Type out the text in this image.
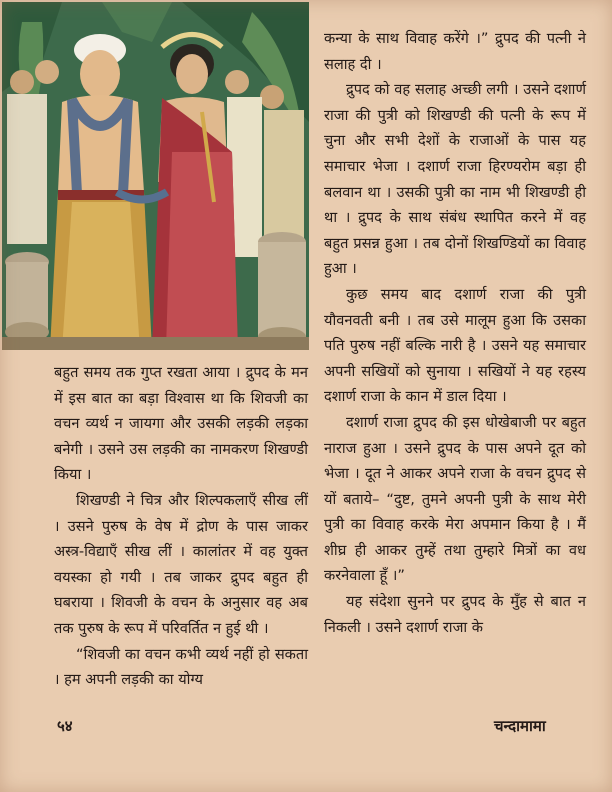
कन्या के साथ विवाह करेंगे ।” द्रुपद की पत्नी ने सलाह दी ।

द्रुपद को वह सलाह अच्छी लगी । उसने दशार्ण राजा की पुत्री को शिखण्डी की पत्नी के रूप में चुना और सभी देशों के राजाओं के पास यह समाचार भेजा । दशार्ण राजा हिरण्यरोम बड़ा ही बलवान था । उसकी पुत्री का नाम भी शिखण्डी ही था । द्रुपद के साथ संबंध स्थापित करने में वह बहुत प्रसन्न हुआ । तब दोनों शिखण्डियों का विवाह हुआ ।

कुछ समय बाद दशार्ण राजा की पुत्री यौवनवती बनी । तब उसे मालूम हुआ कि उसका पति पुरुष नहीं बल्कि नारी है । उसने यह समाचार अपनी सखियों को सुनाया । सखियों ने यह रहस्य दशार्ण राजा के कान में डाल दिया ।

दशार्ण राजा द्रुपद की इस धोखेबाजी पर बहुत नाराज हुआ । उसने द्रुपद के पास अपने दूत को भेजा । दूत ने आकर अपने राजा के वचन द्रुपद से यों बताये– “दुष्ट, तुमने अपनी पुत्री के साथ मेरी पुत्री का विवाह करके मेरा अपमान किया है । मैं शीघ्र ही आकर तुम्हें तथा तुम्हारे मित्रों का वध करनेवाला हूँ ।”

यह संदेशा सुनने पर द्रुपद के मुँह से बात न निकली । उसने दशार्ण राजा के

बहुत समय तक गुप्त रखता आया । द्रुपद के मन में इस बात का बड़ा विश्वास था कि शिवजी का वचन व्यर्थ न जायगा और उसकी लड़की लड़का बनेगी । उसने उस लड़की का नामकरण शिखण्डी किया ।

शिखण्डी ने चित्र और शिल्पकलाएँ सीख लीं । उसने पुरुष के वेष में द्रोण के पास जाकर अस्त्र-विद्याएँ सीख लीं । कालांतर में वह युक्त वयस्का हो गयी । तब जाकर द्रुपद बहुत ही घबराया । शिवजी के वचन के अनुसार वह अब तक पुरुष के रूप में परिवर्तित न हुई थी ।

“शिवजी का वचन कभी व्यर्थ नहीं हो सकता । हम अपनी लड़की का योग्य

५४	चन्दामामा
